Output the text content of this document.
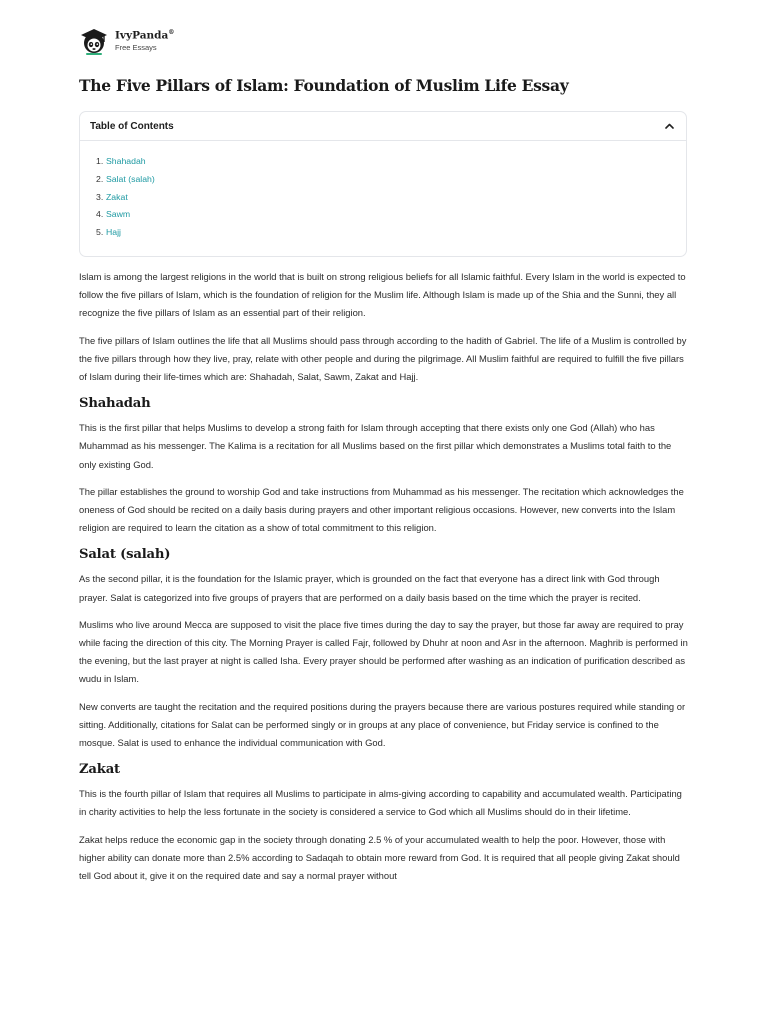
IvyPanda®
Free Essays
The Five Pillars of Islam: Foundation of Muslim Life Essay
Table of Contents
1. Shahadah
2. Salat (salah)
3. Zakat
4. Sawm
5. Hajj

Islam is among the largest religions in the world that is built on strong religious beliefs for all Islamic faithful. Every Islam in the world is expected to follow the five pillars of Islam, which is the foundation of religion for the Muslim life. Although Islam is made up of the Shia and the Sunni, they all recognize the five pillars of Islam as an essential part of their religion.

The five pillars of Islam outlines the life that all Muslims should pass through according to the hadith of Gabriel. The life of a Muslim is controlled by the five pillars through how they live, pray, relate with other people and during the pilgrimage. All Muslim faithful are required to fulfill the five pillars of Islam during their life-times which are: Shahadah, Salat, Sawm, Zakat and Hajj.

Shahadah

This is the first pillar that helps Muslims to develop a strong faith for Islam through accepting that there exists only one God (Allah) who has Muhammad as his messenger. The Kalima is a recitation for all Muslims based on the first pillar which demonstrates a Muslims total faith to the only existing God.

The pillar establishes the ground to worship God and take instructions from Muhammad as his messenger. The recitation which acknowledges the oneness of God should be recited on a daily basis during prayers and other important religious occasions. However, new converts into the Islam religion are required to learn the citation as a show of total commitment to this religion.

Salat (salah)

As the second pillar, it is the foundation for the Islamic prayer, which is grounded on the fact that everyone has a direct link with God through prayer. Salat is categorized into five groups of prayers that are performed on a daily basis based on the time which the prayer is recited.

Muslims who live around Mecca are supposed to visit the place five times during the day to say the prayer, but those far away are required to pray while facing the direction of this city. The Morning Prayer is called Fajr, followed by Dhuhr at noon and Asr in the afternoon. Maghrib is performed in the evening, but the last prayer at night is called Isha. Every prayer should be performed after washing as an indication of purification described as wudu in Islam.

New converts are taught the recitation and the required positions during the prayers because there are various postures required while standing or sitting. Additionally, citations for Salat can be performed singly or in groups at any place of convenience, but Friday service is confined to the mosque. Salat is used to enhance the individual communication with God.

Zakat

This is the fourth pillar of Islam that requires all Muslims to participate in alms-giving according to capability and accumulated wealth. Participating in charity activities to help the less fortunate in the society is considered a service to God which all Muslims should do in their lifetime.

Zakat helps reduce the economic gap in the society through donating 2.5 % of your accumulated wealth to help the poor. However, those with higher ability can donate more than 2.5% according to Sadaqah to obtain more reward from God. It is required that all people giving Zakat should tell God about it, give it on the required date and say a normal prayer without
